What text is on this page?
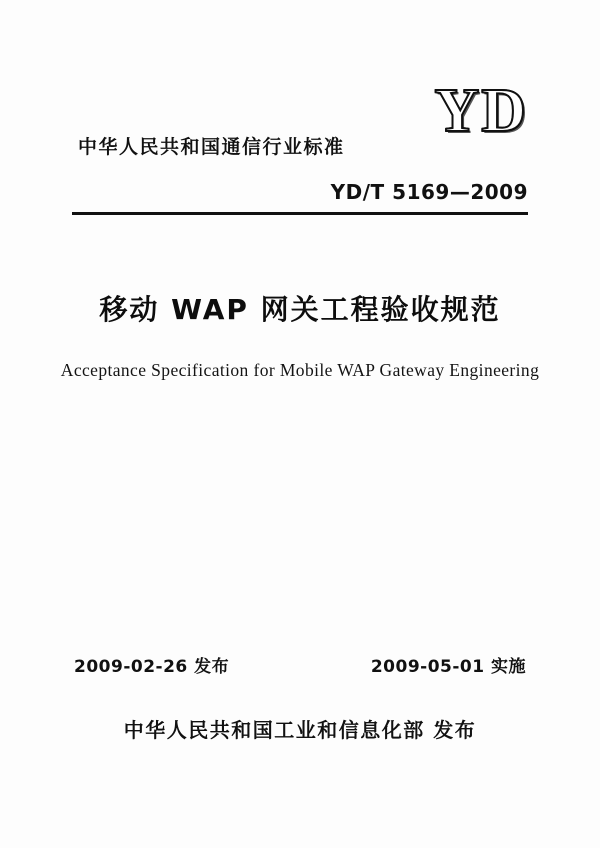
YD
中华人民共和国通信行业标准
YD/T 5169—2009
移动 WAP 网关工程验收规范
Acceptance Specification for Mobile WAP Gateway Engineering
2009-02-26 发布	2009-05-01 实施
中华人民共和国工业和信息化部 发布
